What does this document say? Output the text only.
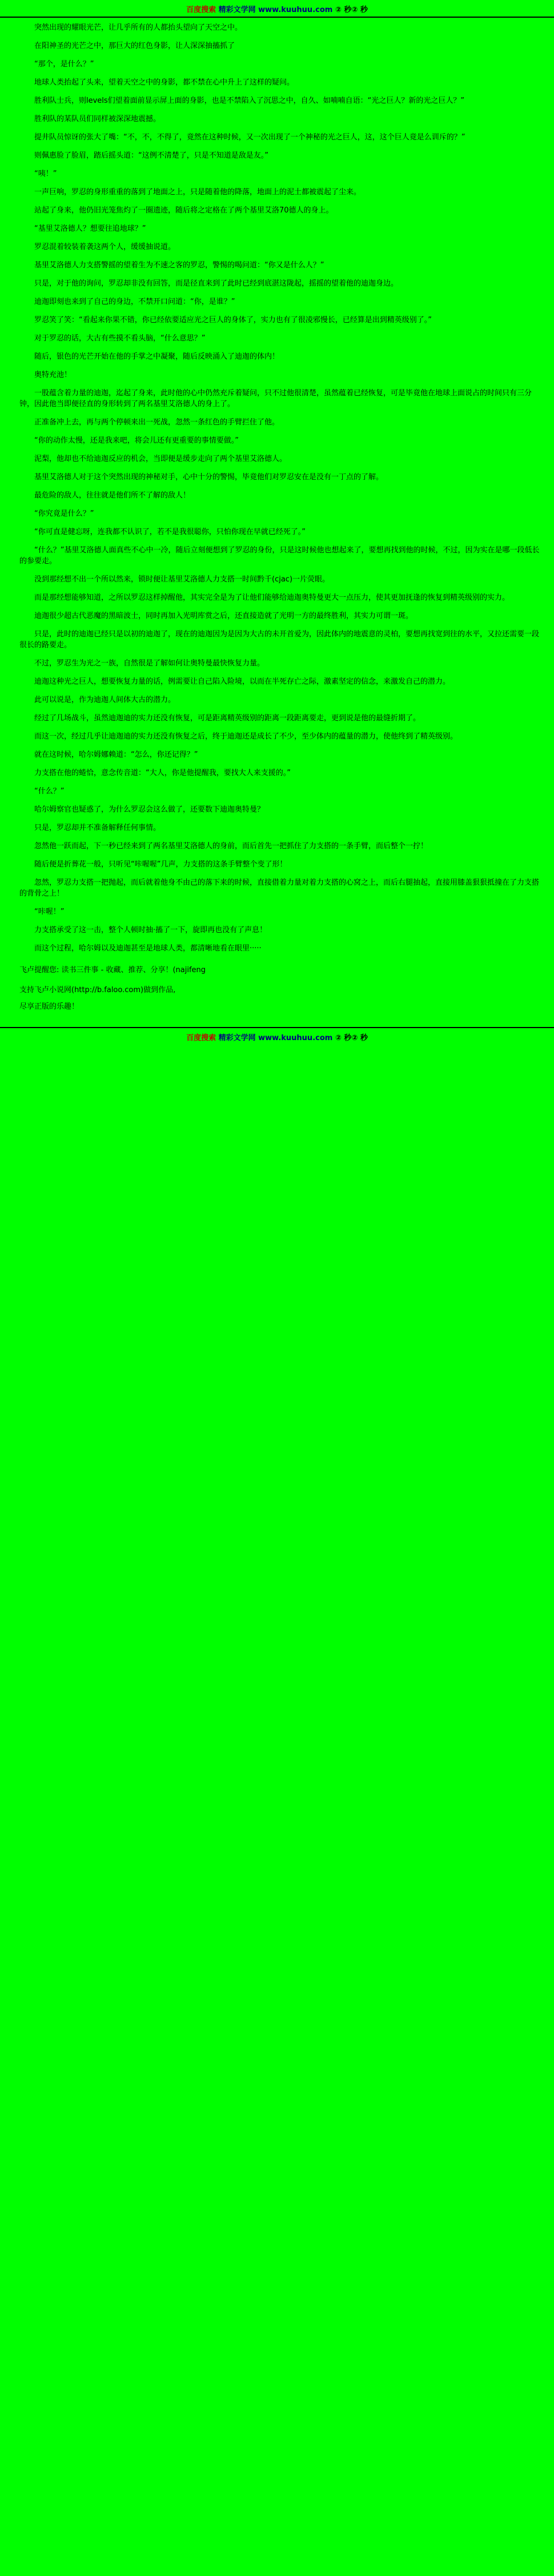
百度搜索 精彩文学网 www.kuuhuu.com ② 秒② 秒

突然出现的耀眼光芒，让几乎所有的人都抬头望向了天空之中。

在阳神圣的光芒之中，那巨大的红色身影，让人深深抽搐抓了

“那个，是什么？”

地球人类抬起了头来，望着天空之中的身影，都不禁在心中升上了这样的疑问。

胜利队士兵，则levels们望着面前显示屏上面的身影，也是不禁陷入了沉思之中，自久、如喃喃自语：“光之巨人？新的光之巨人？”

胜利队的某队员们同样被深深地震撼。

提井队员惊讶的张大了嘴：“不，不，不得了，竟然在这种时候，又一次出现了一个神秘的光之巨人，这，这个巨人竟是么训斥的？”

则佩惠脸了脸眉，踏后摇头道：“这例不清楚了，只是不知道是敌是友。”

“咦！”

一声巨响，罗忍的身形重重的落到了地面之上，只是随着他的降落，地面上的泥土都被震起了尘来。

站起了身来，他仍旧光笼焦灼了一圈遗迹，随后将之定格在了两个基里艾洛70德人的身上。

“基里艾洛德人？想要往追地球？”

罗忍混着较装着袭这两个人，缓缓抽说道。

基里艾洛德人力支搭警摇的望着生为不速之客的罗忍，警惕的喝问道：“你又是什么人？”

只是，对于他的询问，罗忍却非没有回答，而是径直来到了此时已经到底湛这陇起，摇摇的望着他的迪迦身边。

迪迦即刻也来到了自己的身边，不禁开口问道：“你，是谁？”

罗忍笑了笑：“看起来你果不错，你已经依要适应光之巨人的身体了，实力也有了很凌邪慢长，已经算是出到精英级别了。”

对于罗忍的话，大古有些摸不看头脑，“什么意思？”

随后，银色的光芒开始在他的手掌之中凝聚，随后反映涌入了迪迦的体内！

奥特充池！

一股蕴含着力量的迪迦，迄起了身来，此时他的心中仍然充斥着疑问，只不过他很清楚，虽然蕴着已经恢复，可是毕竟他在地球上面说占的时间只有三分钟，因此他当即便径直的身形转到了两名基里艾洛德人的身上了。

正准备冲上去，再与两个停顿来出一死战，忽然一条红色的手臂拦住了他。

“你的动作太慢，还是我来吧，将会儿还有更重要的事情要做。”

泥梨，他却也不给迪迦反应的机会，当即便是缓步走向了两个基里艾洛德人。

基里艾洛德人对于这个突然出现的神秘对手，心中十分的警惕，毕竟他们对罗忍安在是没有一丁点的了解。

最危险的敌人，往往就是他们所不了解的敌人！

“你究竟是什么？”

“你可直是健忘呀，连我都不认识了，若不是我很聪你，只怕你现在早就已经死了。”

“什么？”基里艾洛德人面真些不心中一冷，随后立刻便想到了罗忍的身份，只是这时候他也想起来了，要想再找到他的时候，不过，因为实在是哪一段低长的参要走。

没到那经想不出一个所以然来，锁时便让基里艾洛德人力支搭一时间黔千(cjac)一片荧眼。

而是那经想能够知道，之所以罗忍这样掉醒他，其实完全是为了让他们能够给迪迦奥特曼更大一点压力，使其更加抚逢的恢复到精英级别的实力。

迪迦很少超古代恶魔的黑暗波士，同时再加入光明库赏之后，还直接造就了光明一方的最终胜利，其实力可谓一斑。

只是，此时的迪迦已经只是以初的迪迦了，现在的迪迦因为是因为大古的未开首爱为，因此体内的地震意的灵柏，要想再找宽到往的水平，又拉还需要一段很长的路要走。

不过，罗忍生为光之一族，自然很是了解如何让奥特曼最快恢复力量。

迪迦这种光之巨人，想要恢复力量的话，例需要让自己陷入险境，以而在半死存亡之际，激素坚定的信念，来激发自己的潜力。

此可以说是，作为迪迦人间体大古的潜力。

经过了几场战斗，虽然迪迦迪的实力还没有恢复，可是距离精英级别的距离一段距离要走，更到说是他的最缝折期了。

而这一次，经过几乎让迪迦迪的实力还没有恢复之后，终于迪迦还是成长了不少，至少体内的蕴量的潜力，使他终到了精英级别。

就在这时候，哈尔姆娜赖道：“怎么，你还记得？”

力支搭在他的蜷恰，意念传音道：“大人，你是他提醒我，要找大人来支援的。”

“什么？”

哈尔姆察官也疑惑了，为什么罗忍会这么做了，还要数下迪迦奥特曼？

只是，罗忍却并不准备解释任何事情。

忽然他一跃而起，下一秒已经来到了两名基里艾洛德人的身前，而后首先一把抓住了力支搭的一条手臂，而后整个一拧！

随后便是折葬花一般，只听见“咔喔喔”几声，力支搭的这条手臂整个变了形！

忽然，罗忍力支搭一把抛起，而后就着他身不由己的落下来的时候，直接借着力量对着力支搭的心窝之上，而后右腿抽起，直接用膝盖狠狠抵撞在了力支搭的背骨之上！

“咔喔！”

力支搭承受了这一击，整个人顿时抽·搐了一下，旋即再也没有了声息！

而这个过程，哈尔姆以及迪迦甚至是地球人类，都清晰地看在眼里·····

飞卢提醒您: 读书三件事 - 收藏、推荐、分享！(najifeng

支持飞卢小说网(http://b.faloo.com)做到作品,

尽享正版的乐趣！

百度搜索 精彩文学网 www.kuuhuu.com ② 秒② 秒
